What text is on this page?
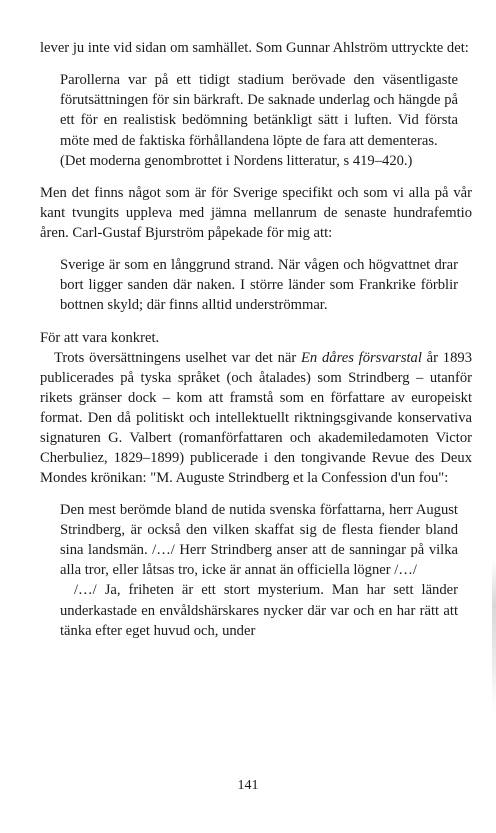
lever ju inte vid sidan om samhället. Som Gunnar Ahlström uttryckte det:

Parollerna var på ett tidigt stadium berövade den väsentligaste förutsättningen för sin bärkraft. De saknade underlag och hängde på ett för en realistisk bedömning betänkligt sätt i luften. Vid första möte med de faktiska förhållandena löpte de fara att dementeras.

(Det moderna genombrottet i Nordens litteratur, s 419–420.)

Men det finns något som är för Sverige specifikt och som vi alla på vår kant tvungits uppleva med jämna mellanrum de senaste hundrafemtio åren. Carl-Gustaf Bjurström påpekade för mig att:

Sverige är som en långgrund strand. När vågen och högvattnet drar bort ligger sanden där naken. I större länder som Frankrike förblir bottnen skyld; där finns alltid underströmmar.

För att vara konkret.

Trots översättningens uselhet var det när En dåres försvarstal år 1893 publicerades på tyska språket (och åtalades) som Strindberg – utanför rikets gränser dock – kom att framstå som en författare av europeiskt format. Den då politiskt och intellektuellt riktningsgivande konservativa signaturen G. Valbert (romanförfattaren och akademiledamoten Victor Cherbuliez, 1829–1899) publicerade i den tongivande Revue des Deux Mondes krönikan: "M. Auguste Strindberg et la Confession d'un fou":

Den mest berömde bland de nutida svenska författarna, herr August Strindberg, är också den vilken skaffat sig de flesta fiender bland sina landsmän. /…/ Herr Strindberg anser att de sanningar på vilka alla tror, eller låtsas tro, icke är annat än officiella lögner /…/

/…/ Ja, friheten är ett stort mysterium. Man har sett länder underkastade en envåldshärskares nycker där var och en har rätt att tänka efter eget huvud och, under

141
